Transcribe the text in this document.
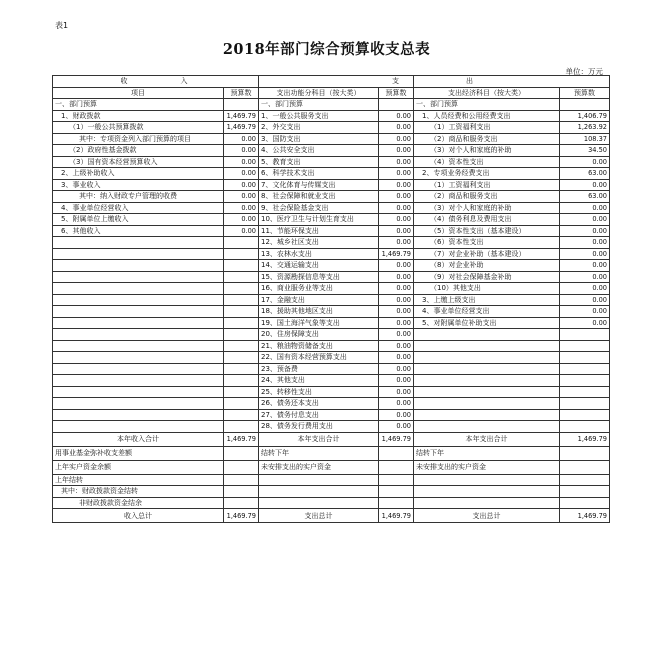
表1
2018年部门综合预算收支总表
单位：万元
收　　　　　入		支		出	
项目	预算数	支出功能分科目（按大类）	预算数	支出经济科目（按大类）	预算数
一、部门预算		一、部门预算		一、部门预算	
1、财政拨款	1,469.79	1、一般公共服务支出	0.00	1、人员经费和公用经费支出	1,406.79
（1）一般公共预算拨款	1,469.79	2、外交支出	0.00	（1）工资福利支出	1,263.92
其中：专项资金列入部门预算的项目	0.00	3、国防支出	0.00	（2）商品和服务支出	108.37
（2）政府性基金拨款	0.00	4、公共安全支出	0.00	（3）对个人和家庭的补助	34.50
（3）国有资本经营预算收入	0.00	5、教育支出	0.00	（4）资本性支出	0.00
2、上级补助收入	0.00	6、科学技术支出	0.00	2、专项业务经费支出	63.00
3、事业收入	0.00	7、文化体育与传媒支出	0.00	（1）工资福利支出	0.00
其中：纳入财政专户管理的收费	0.00	8、社会保障和就业支出	0.00	（2）商品和服务支出	63.00
4、事业单位经营收入	0.00	9、社会保险基金支出	0.00	（3）对个人和家庭的补助	0.00
5、附属单位上缴收入	0.00	10、医疗卫生与计划生育支出	0.00	（4）债务利息及费用支出	0.00
6、其他收入	0.00	11、节能环保支出	0.00	（5）资本性支出（基本建设）	0.00
		12、城乡社区支出	0.00	（6）资本性支出	0.00
		13、农林水支出	1,469.79	（7）对企业补助（基本建设）	0.00
		14、交通运输支出	0.00	（8）对企业补助	0.00
		15、资源勘探信息等支出	0.00	（9）对社会保障基金补助	0.00
		16、商业服务业等支出	0.00	（10）其他支出	0.00
		17、金融支出	0.00	3、上缴上级支出	0.00
		18、援助其他地区支出	0.00	4、事业单位经营支出	0.00
		19、国土海洋气象等支出	0.00	5、对附属单位补助支出	0.00
		20、住房保障支出	0.00		
		21、粮油物资储备支出	0.00		
		22、国有资本经营预算支出	0.00		
		23、预备费	0.00		
		24、其他支出	0.00		
		25、转移性支出	0.00		
		26、债务还本支出	0.00		
		27、债务付息支出	0.00		
		28、债务发行费用支出	0.00		
本年收入合计	1,469.79	本年支出合计	1,469.79	本年支出合计	1,469.79
用事业基金弥补收支差额		结转下年		结转下年	
上年实户资金余额		未安排支出的实户资金		未安排支出的实户资金	
上年结转					
其中：财政拨款资金结转					
非财政拨款资金结余					
收入总计	1,469.79	支出总计	1,469.79	支出总计	1,469.79
